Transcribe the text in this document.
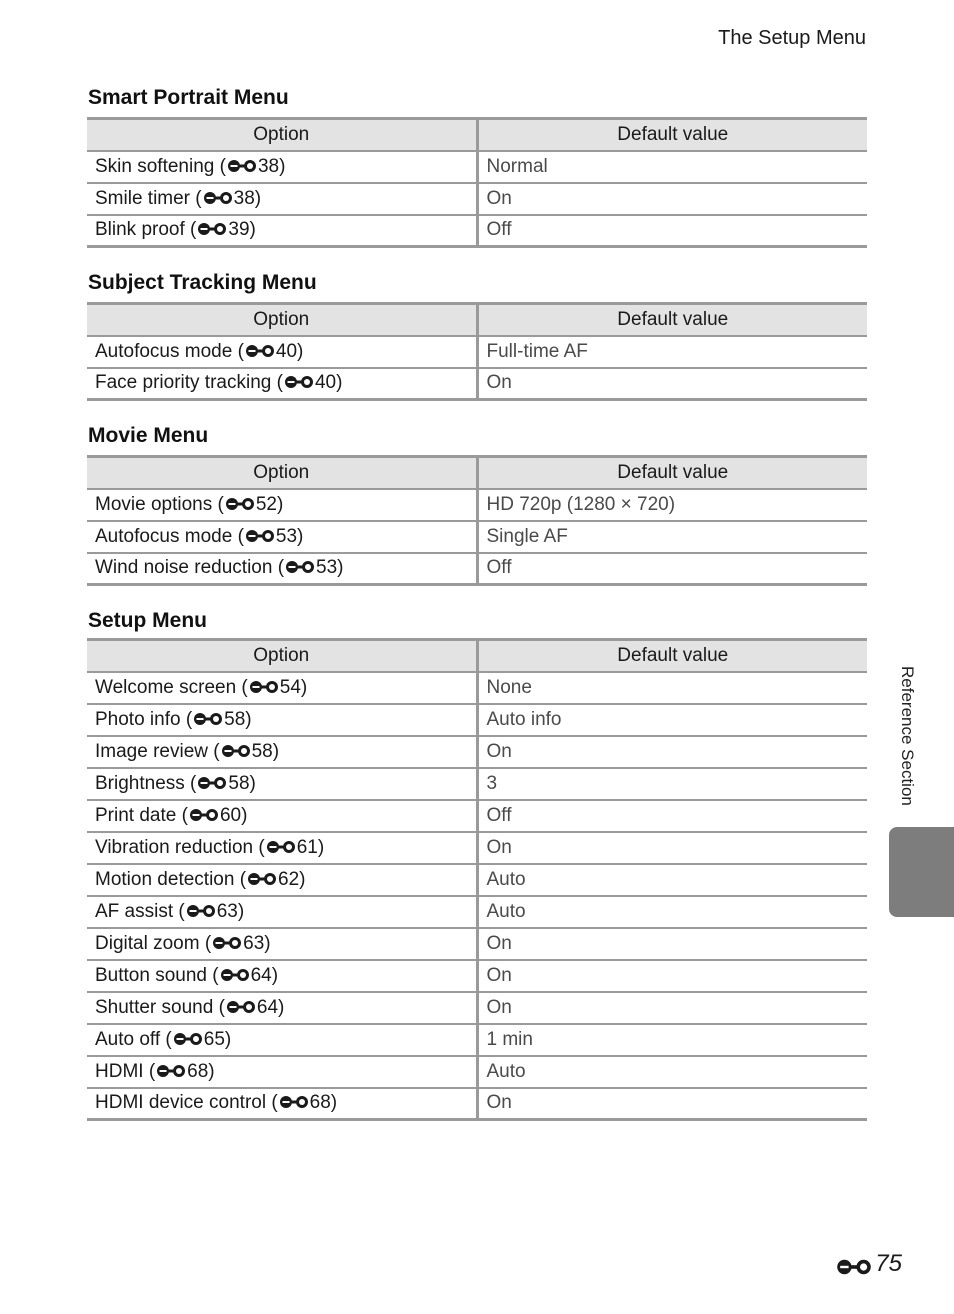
The Setup Menu
Smart Portrait Menu
Option	Default value
Skin softening ( 38)	Normal
Smile timer ( 38)	On
Blink proof ( 39)	Off
Subject Tracking Menu
Option	Default value
Autofocus mode ( 40)	Full-time AF
Face priority tracking ( 40)	On
Movie Menu
Option	Default value
Movie options ( 52)	HD 720p (1280 × 720)
Autofocus mode ( 53)	Single AF
Wind noise reduction ( 53)	Off
Setup Menu
Option	Default value
Welcome screen ( 54)	None
Photo info ( 58)	Auto info
Image review ( 58)	On
Brightness ( 58)	3
Print date ( 60)	Off
Vibration reduction ( 61)	On
Motion detection ( 62)	Auto
AF assist ( 63)	Auto
Digital zoom ( 63)	On
Button sound ( 64)	On
Shutter sound ( 64)	On
Auto off ( 65)	1 min
HDMI ( 68)	Auto
HDMI device control ( 68)	On
Reference Section
75
